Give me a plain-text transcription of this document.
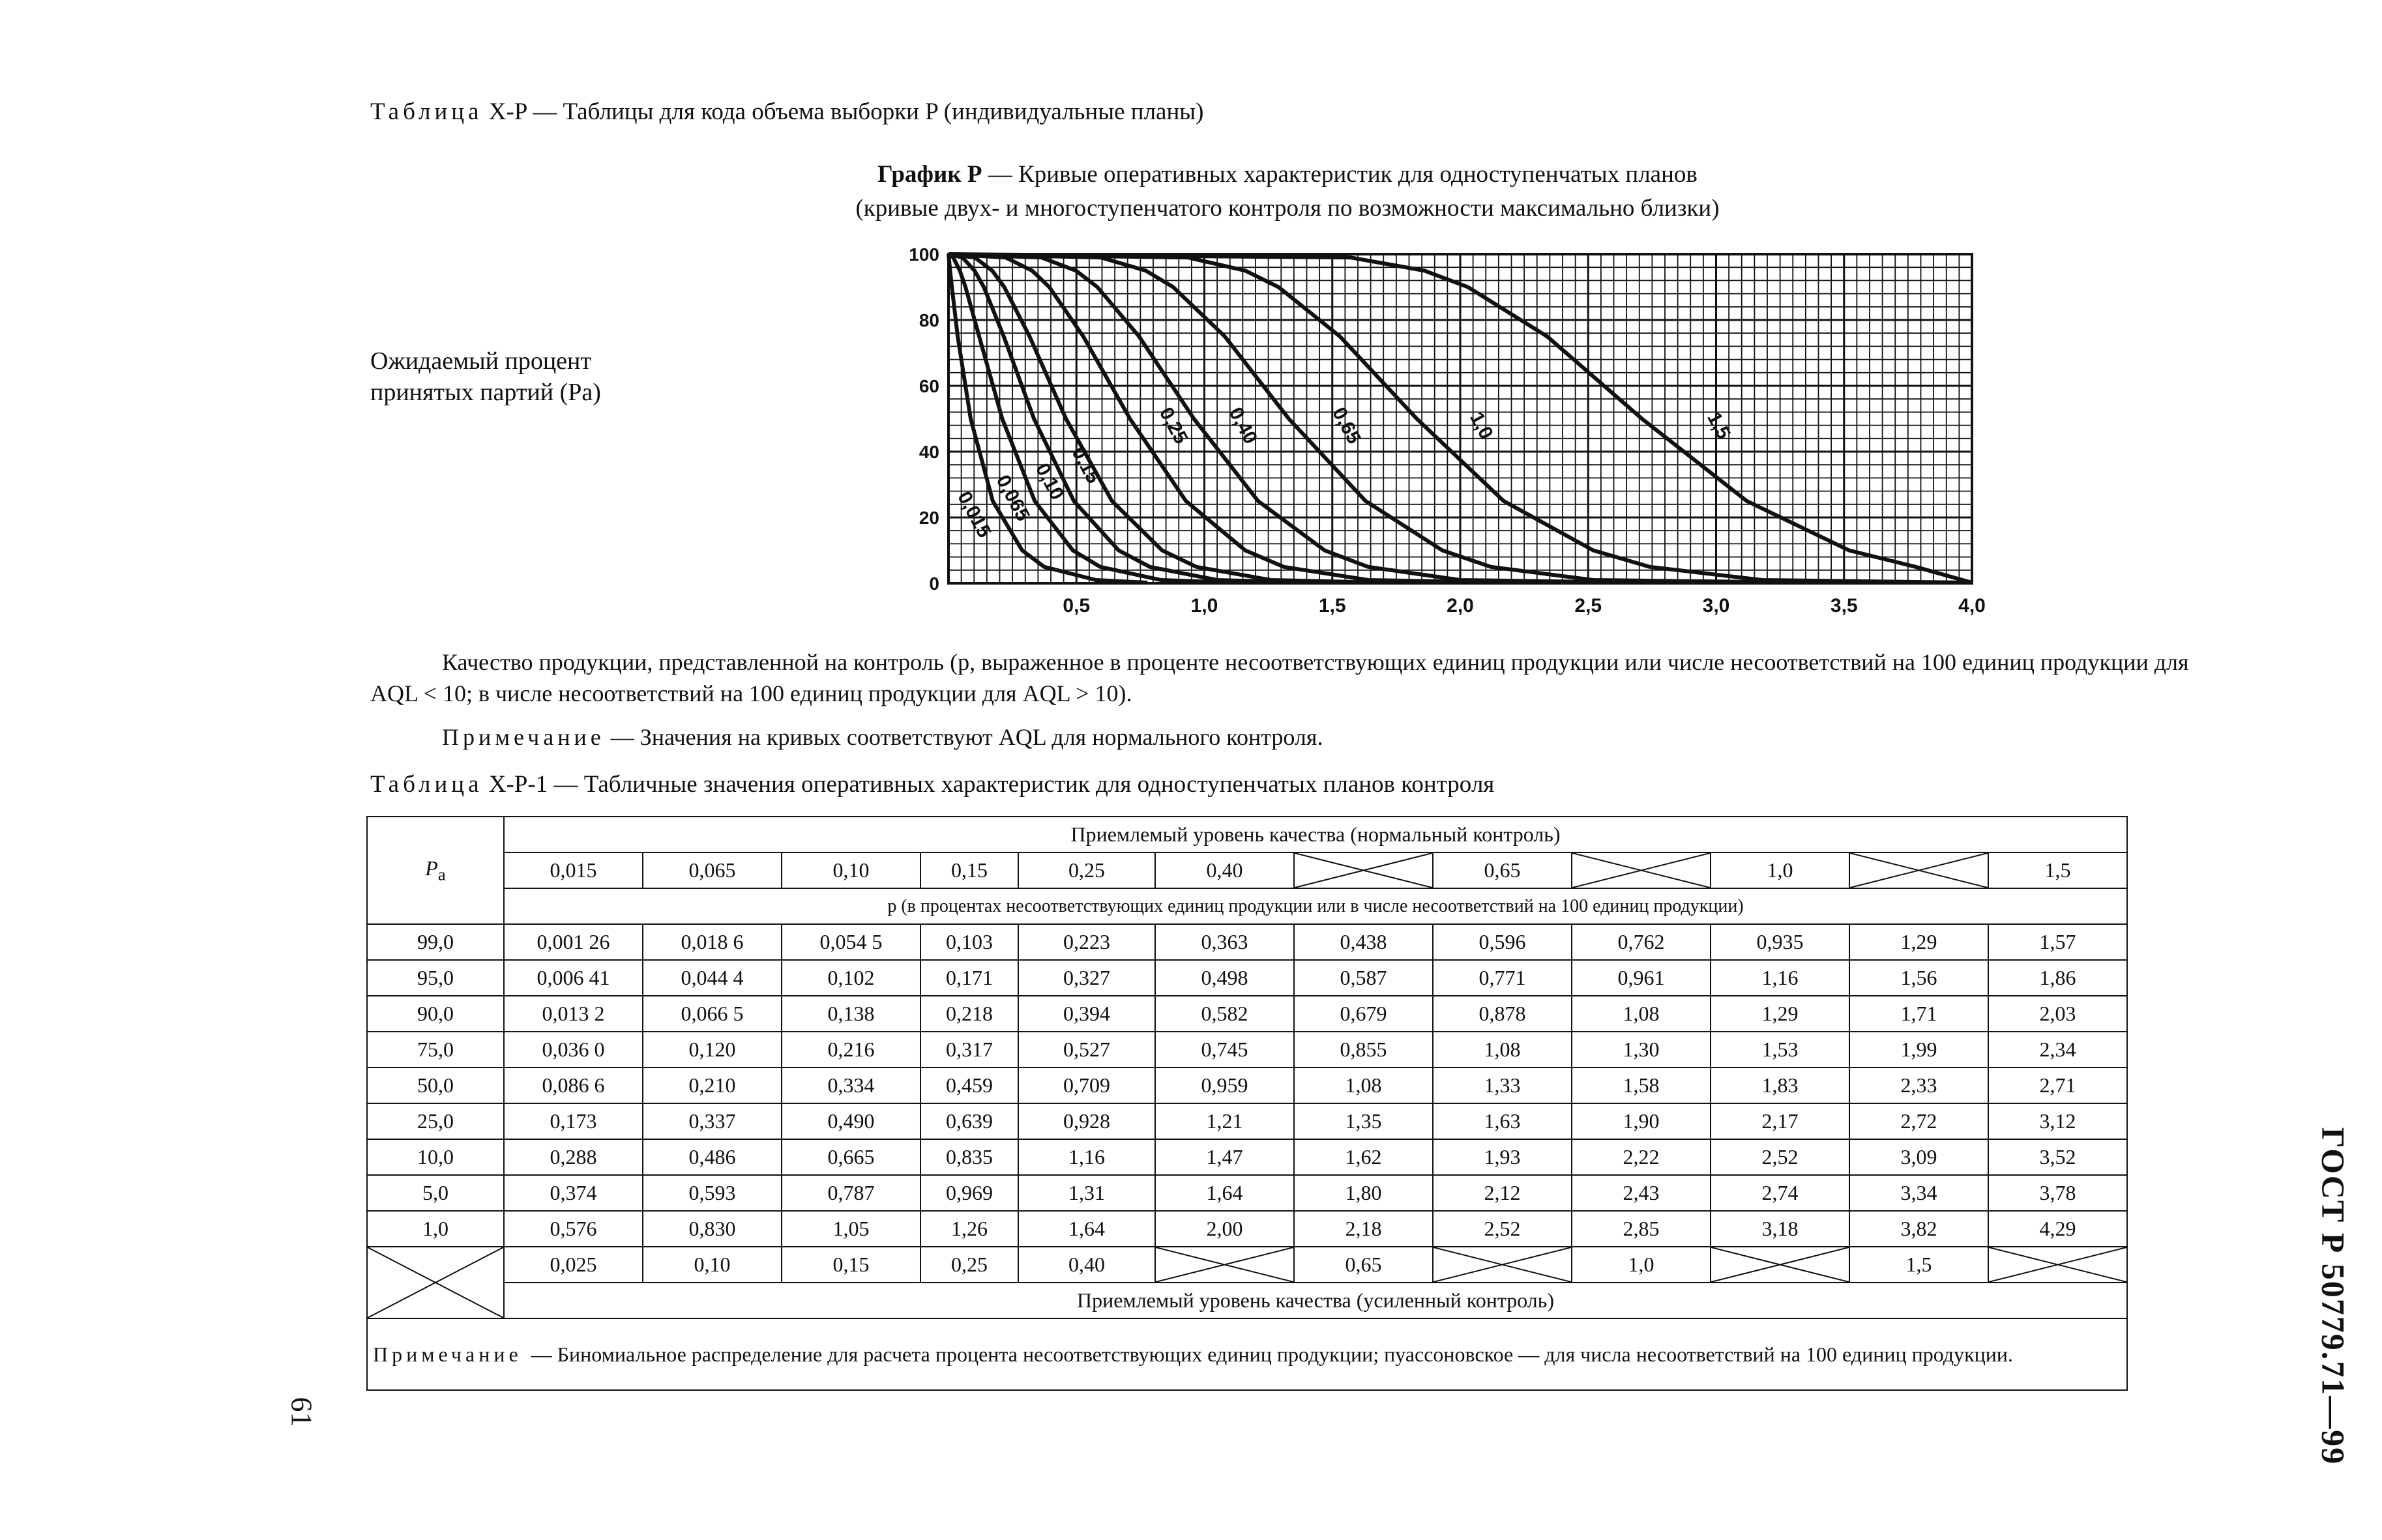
Таблица X-P — Таблицы для кода объема выборки P (индивидуальные планы)
График P — Кривые оперативных характеристик для одноступенчатых планов
(кривые двух- и многоступенчатого контроля по возможности максимально близки)
Ожидаемый процент
принятых партий (Pa)
0,5	1,0	1,5	2,0	2,5	3,0	3,5	4,0
0
20
40
60
80
100
0,015
0,065
0,10
0,15
0,25 0,40	0,65	1,0	1,5
Качество продукции, представленной на контроль (p, выраженное в проценте несоответствующих единиц продукции или числе несоответствий на 100 единиц продукции для AQL < 10; в числе несоответствий на 100 единиц продукции для AQL > 10).
Примечание — Значения на кривых соответствуют AQL для нормального контроля.
Таблица X-P-1 — Табличные значения оперативных характеристик для одноступенчатых планов контроля
$P_a$	Приемлемый уровень качества (нормальный контроль)											
	0,015	0,065	0,10	0,15	0,25	0,40		0,65		1,0		1,5
	p (в процентах несоответствующих единиц продукции или в числе несоответствий на 100 единиц продукции)											
99,0	0,001 26	0,018 6	0,054 5	0,103	0,223	0,363	0,438	0,596	0,762	0,935	1,29	1,57
95,0	0,006 41	0,044 4	0,102	0,171	0,327	0,498	0,587	0,771	0,961	1,16	1,56	1,86
90,0	0,013 2	0,066 5	0,138	0,218	0,394	0,582	0,679	0,878	1,08	1,29	1,71	2,03
75,0	0,036 0	0,120	0,216	0,317	0,527	0,745	0,855	1,08	1,30	1,53	1,99	2,34
50,0	0,086 6	0,210	0,334	0,459	0,709	0,959	1,08	1,33	1,58	1,83	2,33	2,71
25,0	0,173	0,337	0,490	0,639	0,928	1,21	1,35	1,63	1,90	2,17	2,72	3,12
10,0	0,288	0,486	0,665	0,835	1,16	1,47	1,62	1,93	2,22	2,52	3,09	3,52
5,0	0,374	0,593	0,787	0,969	1,31	1,64	1,80	2,12	2,43	2,74	3,34	3,78
1,0	0,576	0,830	1,05	1,26	1,64	2,00	2,18	2,52	2,85	3,18	3,82	4,29

	0,025	0,10	0,15	0,25	0,40		0,65		1,0		1,5	

	Приемлемый уровень качества (усиленный контроль)											
Примечание — Биномиальное распределение для расчета процента несоответствующих единиц продукции; пуассоновское — для числа несоответствий на 100 единиц продукции.												
61	ГОСТ Р 50779.71—99
